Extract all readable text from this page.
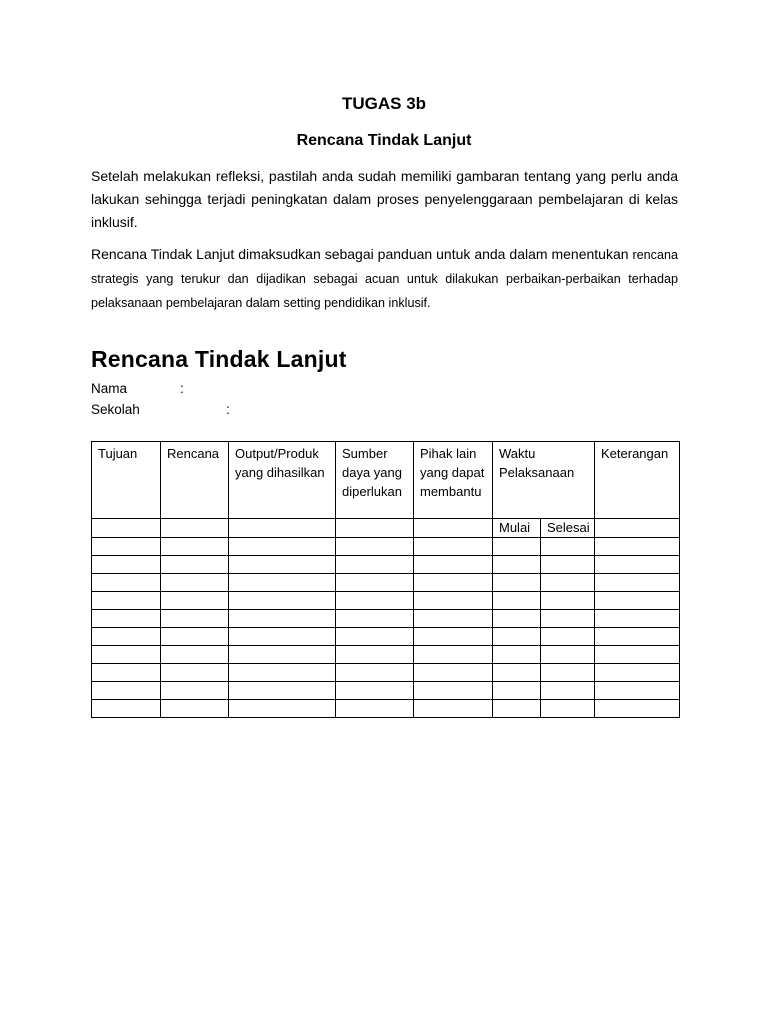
TUGAS 3b
Rencana Tindak Lanjut
Setelah melakukan refleksi, pastilah anda sudah memiliki gambaran tentang yang perlu anda lakukan sehingga terjadi peningkatan dalam proses penyelenggaraan pembelajaran di kelas inklusif.
Rencana Tindak Lanjut dimaksudkan sebagai panduan untuk anda dalam menentukan rencana strategis yang terukur dan dijadikan sebagai acuan untuk dilakukan perbaikan-perbaikan terhadap pelaksanaan pembelajaran dalam setting pendidikan inklusif.
Rencana Tindak Lanjut
Nama	:
Sekolah	:
Tujuan	Rencana	Output/Produk yang dihasilkan	Sumber daya yang diperlukan	Pihak lain yang dapat membantu	Waktu Pelaksanaan		Keterangan

					Mulai	Selesai	
